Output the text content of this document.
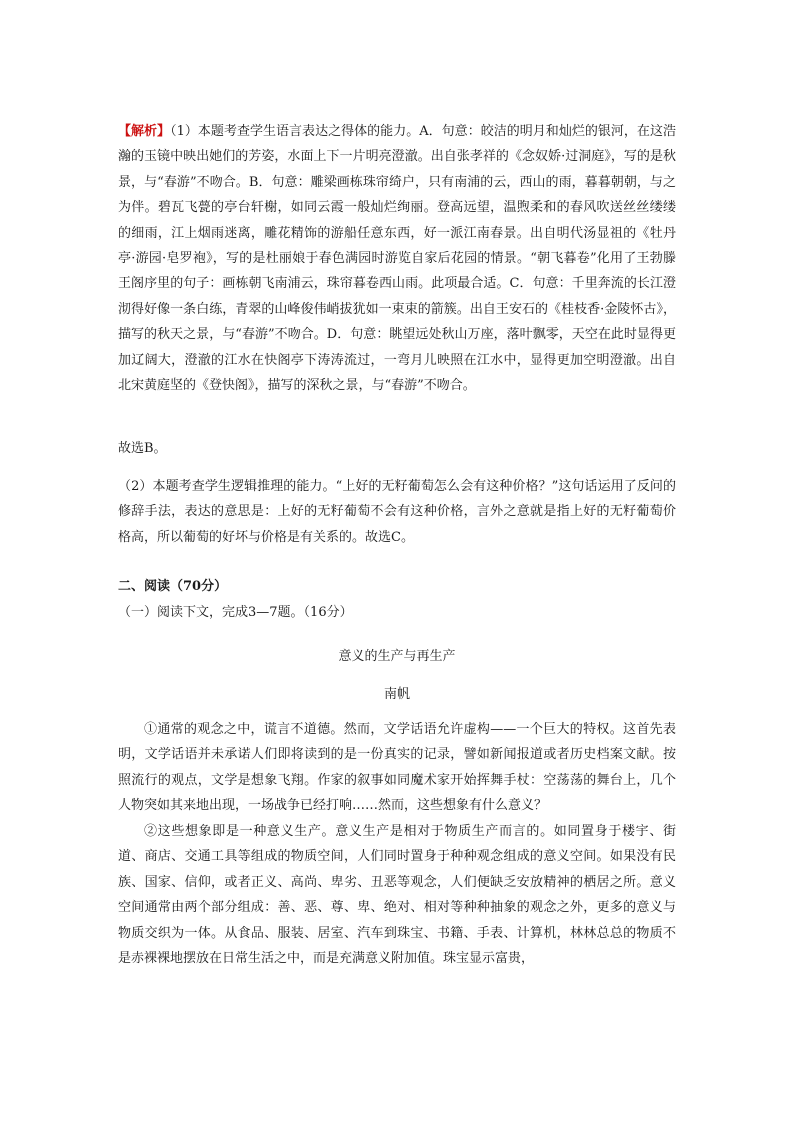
【解析】（1）本题考查学生语言表达之得体的能力。A．句意：皎洁的明月和灿烂的银河，在这浩瀚的玉镜中映出她们的芳姿，水面上下一片明亮澄澈。出自张孝祥的《念奴娇·过洞庭》，写的是秋景，与“春游”不吻合。B．句意：雕梁画栋珠帘绮户，只有南浦的云，西山的雨，暮暮朝朝，与之为伴。碧瓦飞甍的亭台轩榭，如同云霞一般灿烂绚丽。登高远望，温煦柔和的春风吹送丝丝缕缕的细雨，江上烟雨迷离，雕花精饰的游船任意东西，好一派江南春景。出自明代汤显祖的《牡丹亭·游园·皂罗袍》，写的是杜丽娘于春色满园时游览自家后花园的情景。“朝飞暮卷”化用了王勃滕王阁序里的句子：画栋朝飞南浦云，珠帘暮卷西山雨。此项最合适。C．句意：千里奔流的长江澄沏得好像一条白练，青翠的山峰俊伟峭拔犹如一束束的箭簇。出自王安石的《桂枝香·金陵怀古》，描写的秋天之景，与“春游”不吻合。D．句意：眺望远处秋山万座，落叶飘零，天空在此时显得更加辽阔大，澄澈的江水在快阁亭下涛涛流过，一弯月儿映照在江水中，显得更加空明澄澈。出自北宋黄庭坚的《登快阁》，描写的深秋之景，与“春游”不吻合。

故选B。

（2）本题考查学生逻辑推理的能力。“上好的无籽葡萄怎么会有这种价格？”这句话运用了反问的修辞手法，表达的意思是：上好的无籽葡萄不会有这种价格，言外之意就是指上好的无籽葡萄价格高，所以葡萄的好坏与价格是有关系的。故选C。

二、阅读（70分）

（一）阅读下文，完成3—7题。（16分）

意义的生产与再生产

南帆

①通常的观念之中，谎言不道德。然而，文学话语允许虚构——一个巨大的特权。这首先表明，文学话语并未承诺人们即将读到的是一份真实的记录，譬如新闻报道或者历史档案文献。按照流行的观点，文学是想象飞翔。作家的叙事如同魔术家开始挥舞手杖：空荡荡的舞台上，几个人物突如其来地出现，一场战争已经打响……然而，这些想象有什么意义？

②这些想象即是一种意义生产。意义生产是相对于物质生产而言的。如同置身于楼宇、街道、商店、交通工具等组成的物质空间，人们同时置身于种种观念组成的意义空间。如果没有民族、国家、信仰，或者正义、高尚、卑劣、丑恶等观念，人们便缺乏安放精神的栖居之所。意义空间通常由两个部分组成：善、恶、尊、卑、绝对、相对等种种抽象的观念之外，更多的意义与物质交织为一体。从食品、服装、居室、汽车到珠宝、书籍、手表、计算机，林林总总的物质不是赤裸裸地摆放在日常生活之中，而是充满意义附加值。珠宝显示富贵，
